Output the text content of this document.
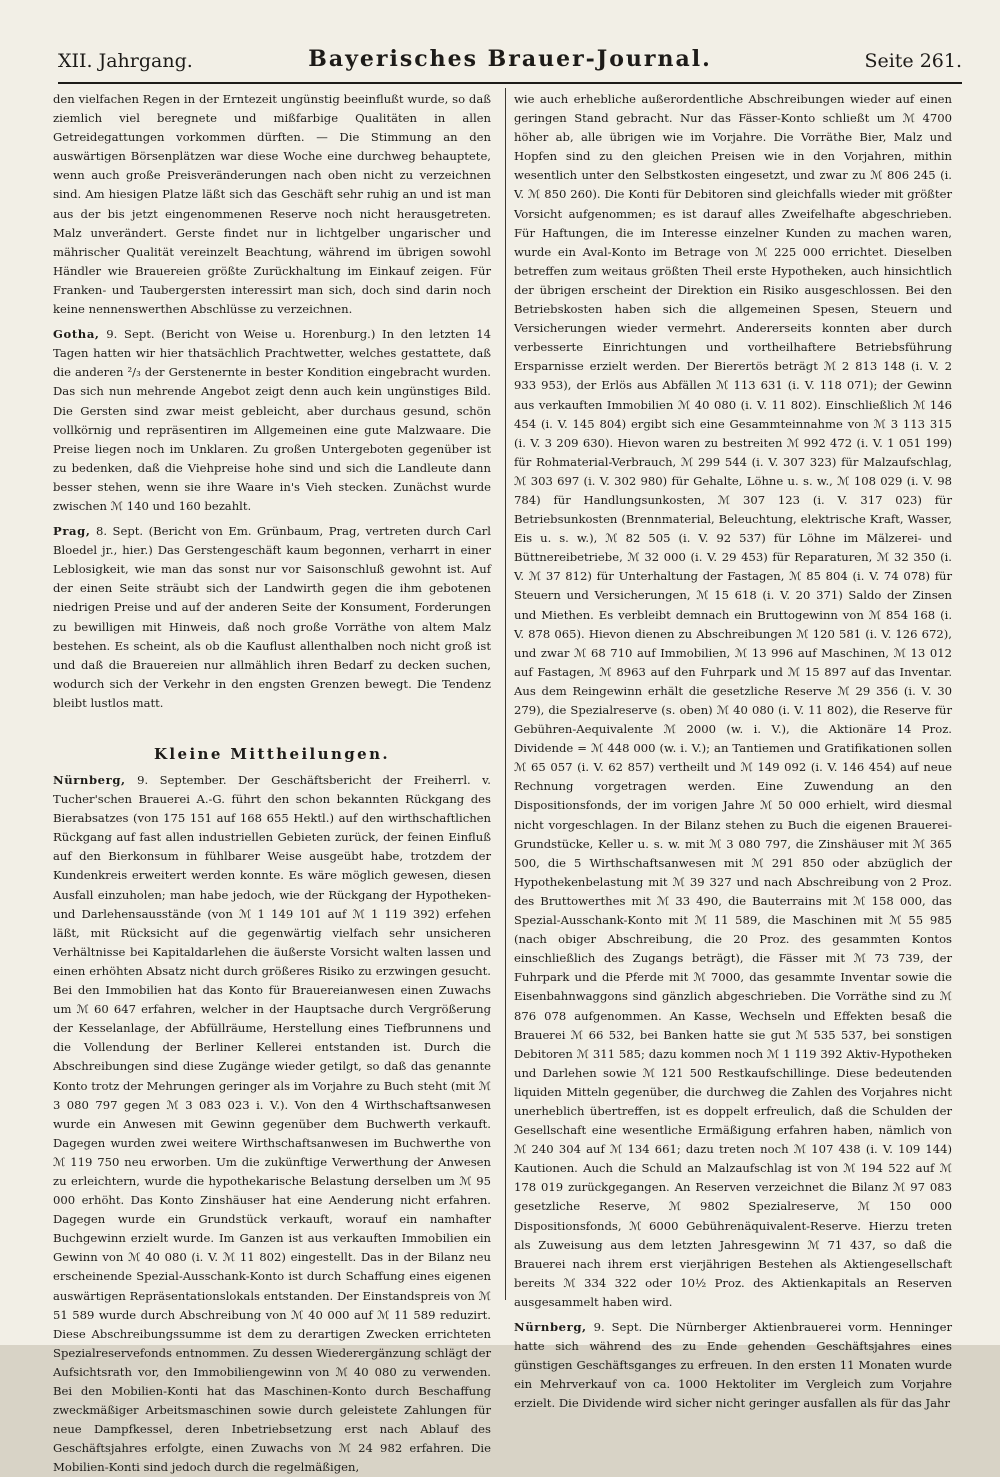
XII. Jahrgang.	Bayerisches Brauer-Journal.	Seite 261.

den vielfachen Regen in der Erntezeit ungünstig beeinflußt wurde, so daß ziemlich viel beregnete und mißfarbige Qualitäten in allen Getreidegattungen vorkommen dürften. — Die Stimmung an den auswärtigen Börsenplätzen war diese Woche eine durchweg behauptete, wenn auch große Preisveränderungen nach oben nicht zu verzeichnen sind. Am hiesigen Platze läßt sich das Geschäft sehr ruhig an und ist man aus der bis jetzt eingenommenen Reserve noch nicht herausgetreten. Malz unverändert. Gerste findet nur in lichtgelber ungarischer und mährischer Qualität vereinzelt Beachtung, während im übrigen sowohl Händler wie Brauereien größte Zurückhaltung im Einkauf zeigen. Für Franken- und Taubergersten interessirt man sich, doch sind darin noch keine nennenswerthen Abschlüsse zu verzeichnen.

Gotha, 9. Sept. (Bericht von Weise u. Horenburg.) In den letzten 14 Tagen hatten wir hier thatsächlich Prachtwetter, welches gestattete, daß die anderen ²/₃ der Gerstenernte in bester Kondition eingebracht wurden. Das sich nun mehrende Angebot zeigt denn auch kein ungünstiges Bild. Die Gersten sind zwar meist gebleicht, aber durchaus gesund, schön vollkörnig und repräsentiren im Allgemeinen eine gute Malzwaare. Die Preise liegen noch im Unklaren. Zu großen Untergeboten gegenüber ist zu bedenken, daß die Viehpreise hohe sind und sich die Landleute dann besser stehen, wenn sie ihre Waare in's Vieh stecken. Zunächst wurde zwischen ℳ 140 und 160 bezahlt.

Prag, 8. Sept. (Bericht von Em. Grünbaum, Prag, vertreten durch Carl Bloedel jr., hier.) Das Gerstengeschäft kaum begonnen, verharrt in einer Leblosigkeit, wie man das sonst nur vor Saisonschluß gewohnt ist. Auf der einen Seite sträubt sich der Landwirth gegen die ihm gebotenen niedrigen Preise und auf der anderen Seite der Konsument, Forderungen zu bewilligen mit Hinweis, daß noch große Vorräthe von altem Malz bestehen. Es scheint, als ob die Kauflust allenthalben noch nicht groß ist und daß die Brauereien nur allmählich ihren Bedarf zu decken suchen, wodurch sich der Verkehr in den engsten Grenzen bewegt. Die Tendenz bleibt lustlos matt.

Kleine Mittheilungen.

Nürnberg, 9. September. Der Geschäftsbericht der Freiherrl. v. Tucher'schen Brauerei A.-G. führt den schon bekannten Rückgang des Bierabsatzes (von 175 151 auf 168 655 Hektl.) auf den wirthschaftlichen Rückgang auf fast allen industriellen Gebieten zurück, der feinen Einfluß auf den Bierkonsum in fühlbarer Weise ausgeübt habe, trotzdem der Kundenkreis erweitert werden konnte. Es wäre möglich gewesen, diesen Ausfall einzuholen; man habe jedoch, wie der Rückgang der Hypotheken- und Darlehensausstände (von ℳ 1 149 101 auf ℳ 1 119 392) erfehen läßt, mit Rücksicht auf die gegenwärtig vielfach sehr unsicheren Verhältnisse bei Kapitaldarlehen die äußerste Vorsicht walten lassen und einen erhöhten Absatz nicht durch größeres Risiko zu erzwingen gesucht. Bei den Immobilien hat das Konto für Brauereianwesen einen Zuwachs um ℳ 60 647 erfahren, welcher in der Hauptsache durch Vergrößerung der Kesselanlage, der Abfüllräume, Herstellung eines Tiefbrunnens und die Vollendung der Berliner Kellerei entstanden ist. Durch die Abschreibungen sind diese Zugänge wieder getilgt, so daß das genannte Konto trotz der Mehrungen geringer als im Vorjahre zu Buch steht (mit ℳ 3 080 797 gegen ℳ 3 083 023 i. V.). Von den 4 Wirthschaftsanwesen wurde ein Anwesen mit Gewinn gegenüber dem Buchwerth verkauft. Dagegen wurden zwei weitere Wirthschaftsanwesen im Buchwerthe von ℳ 119 750 neu erworben. Um die zukünftige Verwerthung der Anwesen zu erleichtern, wurde die hypothekarische Belastung derselben um ℳ 95 000 erhöht. Das Konto Zinshäuser hat eine Aenderung nicht erfahren. Dagegen wurde ein Grundstück verkauft, worauf ein namhafter Buchgewinn erzielt wurde. Im Ganzen ist aus verkauften Immobilien ein Gewinn von ℳ 40 080 (i. V. ℳ 11 802) eingestellt. Das in der Bilanz neu erscheinende Spezial-Ausschank-Konto ist durch Schaffung eines eigenen auswärtigen Repräsentationslokals entstanden. Der Einstandspreis von ℳ 51 589 wurde durch Abschreibung von ℳ 40 000 auf ℳ 11 589 reduzirt. Diese Abschreibungssumme ist dem zu derartigen Zwecken errichteten Spezialreservefonds entnommen. Zu dessen Wiederergänzung schlägt der Aufsichtsrath vor, den Immobiliengewinn von ℳ 40 080 zu verwenden. Bei den Mobilien-Konti hat das Maschinen-Konto durch Beschaffung zweckmäßiger Arbeitsmaschinen sowie durch geleistete Zahlungen für neue Dampfkessel, deren Inbetriebsetzung erst nach Ablauf des Geschäftsjahres erfolgte, einen Zuwachs von ℳ 24 982 erfahren. Die Mobilien-Konti sind jedoch durch die regelmäßigen,

wie auch erhebliche außerordentliche Abschreibungen wieder auf einen geringen Stand gebracht. Nur das Fässer-Konto schließt um ℳ 4700 höher ab, alle übrigen wie im Vorjahre. Die Vorräthe Bier, Malz und Hopfen sind zu den gleichen Preisen wie in den Vorjahren, mithin wesentlich unter den Selbstkosten eingesetzt, und zwar zu ℳ 806 245 (i. V. ℳ 850 260). Die Konti für Debitoren sind gleichfalls wieder mit größter Vorsicht aufgenommen; es ist darauf alles Zweifelhafte abgeschrieben. Für Haftungen, die im Interesse einzelner Kunden zu machen waren, wurde ein Aval-Konto im Betrage von ℳ 225 000 errichtet. Dieselben betreffen zum weitaus größten Theil erste Hypotheken, auch hinsichtlich der übrigen erscheint der Direktion ein Risiko ausgeschlossen. Bei den Betriebskosten haben sich die allgemeinen Spesen, Steuern und Versicherungen wieder vermehrt. Andererseits konnten aber durch verbesserte Einrichtungen und vortheilhaftere Betriebsführung Ersparnisse erzielt werden. Der Bierertös beträgt ℳ 2 813 148 (i. V. 2 933 953), der Erlös aus Abfällen ℳ 113 631 (i. V. 118 071); der Gewinn aus verkauften Immobilien ℳ 40 080 (i. V. 11 802). Einschließlich ℳ 146 454 (i. V. 145 804) ergibt sich eine Gesammteinnahme von ℳ 3 113 315 (i. V. 3 209 630). Hievon waren zu bestreiten ℳ 992 472 (i. V. 1 051 199) für Rohmaterial-Verbrauch, ℳ 299 544 (i. V. 307 323) für Malzaufschlag, ℳ 303 697 (i. V. 302 980) für Gehalte, Löhne u. s. w., ℳ 108 029 (i. V. 98 784) für Handlungsunkosten, ℳ 307 123 (i. V. 317 023) für Betriebsunkosten (Brennmaterial, Beleuchtung, elektrische Kraft, Wasser, Eis u. s. w.), ℳ 82 505 (i. V. 92 537) für Löhne im Mälzerei- und Büttnereibetriebe, ℳ 32 000 (i. V. 29 453) für Reparaturen, ℳ 32 350 (i. V. ℳ 37 812) für Unterhaltung der Fastagen, ℳ 85 804 (i. V. 74 078) für Steuern und Versicherungen, ℳ 15 618 (i. V. 20 371) Saldo der Zinsen und Miethen. Es verbleibt demnach ein Bruttogewinn von ℳ 854 168 (i. V. 878 065). Hievon dienen zu Abschreibungen ℳ 120 581 (i. V. 126 672), und zwar ℳ 68 710 auf Immobilien, ℳ 13 996 auf Maschinen, ℳ 13 012 auf Fastagen, ℳ 8963 auf den Fuhrpark und ℳ 15 897 auf das Inventar. Aus dem Reingewinn erhält die gesetzliche Reserve ℳ 29 356 (i. V. 30 279), die Spezialreserve (s. oben) ℳ 40 080 (i. V. 11 802), die Reserve für Gebühren-Aequivalente ℳ 2000 (w. i. V.), die Aktionäre 14 Proz. Dividende = ℳ 448 000 (w. i. V.); an Tantiemen und Gratifikationen sollen ℳ 65 057 (i. V. 62 857) vertheilt und ℳ 149 092 (i. V. 146 454) auf neue Rechnung vorgetragen werden. Eine Zuwendung an den Dispositionsfonds, der im vorigen Jahre ℳ 50 000 erhielt, wird diesmal nicht vorgeschlagen. In der Bilanz stehen zu Buch die eigenen Brauerei-Grundstücke, Keller u. s. w. mit ℳ 3 080 797, die Zinshäuser mit ℳ 365 500, die 5 Wirthschaftsanwesen mit ℳ 291 850 oder abzüglich der Hypothekenbelastung mit ℳ 39 327 und nach Abschreibung von 2 Proz. des Bruttowerthes mit ℳ 33 490, die Bauterrains mit ℳ 158 000, das Spezial-Ausschank-Konto mit ℳ 11 589, die Maschinen mit ℳ 55 985 (nach obiger Abschreibung, die 20 Proz. des gesammten Kontos einschließlich des Zugangs beträgt), die Fässer mit ℳ 73 739, der Fuhrpark und die Pferde mit ℳ 7000, das gesammte Inventar sowie die Eisenbahnwaggons sind gänzlich abgeschrieben. Die Vorräthe sind zu ℳ 876 078 aufgenommen. An Kasse, Wechseln und Effekten besaß die Brauerei ℳ 66 532, bei Banken hatte sie gut ℳ 535 537, bei sonstigen Debitoren ℳ 311 585; dazu kommen noch ℳ 1 119 392 Aktiv-Hypotheken und Darlehen sowie ℳ 121 500 Restkaufschillinge. Diese bedeutenden liquiden Mitteln gegenüber, die durchweg die Zahlen des Vorjahres nicht unerheblich übertreffen, ist es doppelt erfreulich, daß die Schulden der Gesellschaft eine wesentliche Ermäßigung erfahren haben, nämlich von ℳ 240 304 auf ℳ 134 661; dazu treten noch ℳ 107 438 (i. V. 109 144) Kautionen. Auch die Schuld an Malzaufschlag ist von ℳ 194 522 auf ℳ 178 019 zurückgegangen. An Reserven verzeichnet die Bilanz ℳ 97 083 gesetzliche Reserve, ℳ 9802 Spezialreserve, ℳ 150 000 Dispositionsfonds, ℳ 6000 Gebührenäquivalent-Reserve. Hierzu treten als Zuweisung aus dem letzten Jahresgewinn ℳ 71 437, so daß die Brauerei nach ihrem erst vierjährigen Bestehen als Aktiengesellschaft bereits ℳ 334 322 oder 10½ Proz. des Aktienkapitals an Reserven ausgesammelt haben wird.

Nürnberg, 9. Sept. Die Nürnberger Aktienbrauerei vorm. Henninger hatte sich während des zu Ende gehenden Geschäftsjahres eines günstigen Geschäftsganges zu erfreuen. In den ersten 11 Monaten wurde ein Mehrverkauf von ca. 1000 Hektoliter im Vergleich zum Vorjahre erzielt. Die Dividende wird sicher nicht geringer ausfallen als für das Jahr
